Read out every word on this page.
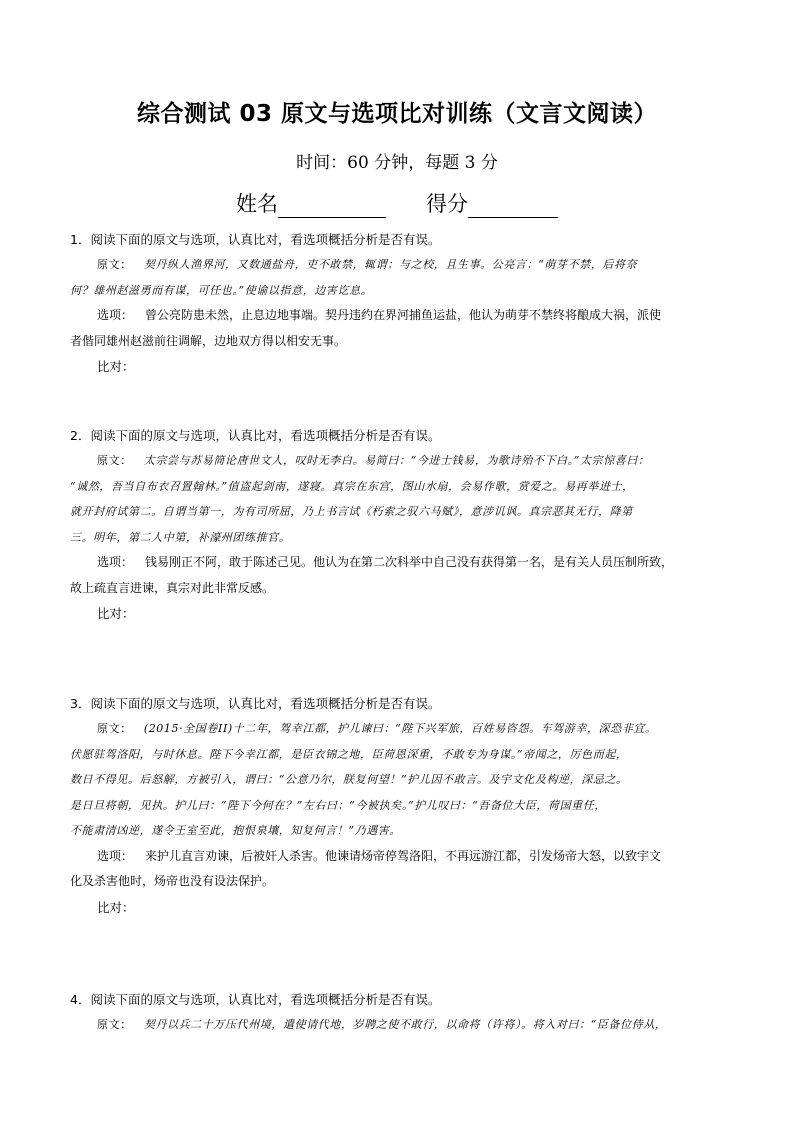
综合测试 03 原文与选项比对训练（文言文阅读）
时间：60 分钟，每题 3 分
姓名	得分
1．阅读下面的原文与选项，认真比对，看选项概括分析是否有误。
原文： 契丹纵人渔界河，又数通盐舟，吏不敢禁，辄谓：与之校，且生事。公亮言：“萌芽不禁，后将奈
何？雄州赵滋勇而有谋，可任也。”使谕以指意，边害讫息。
选项： 曾公亮防患未然，止息边地事端。契丹违约在界河捕鱼运盐，他认为萌芽不禁终将酿成大祸，派使
者偕同雄州赵滋前往调解，边地双方得以相安无事。
比对：
2．阅读下面的原文与选项，认真比对，看选项概括分析是否有误。
原文： 太宗尝与苏易简论唐世文人，叹时无李白。易简曰：“今进士钱易，为歌诗殆不下白。”太宗惊喜曰：
“诚然，吾当自布衣召置翰林。”值盗起剑南，遂寝。真宗在东宫，图山水扇，会易作歌，赏爱之。易再举进士，
就开封府试第二。自谓当第一，为有司所屈，乃上书言试《朽索之驭六马赋》，意涉讥讽。真宗恶其无行，降第
三。明年，第二人中第，补濠州团练推官。
选项： 钱易刚正不阿，敢于陈述己见。他认为在第二次科举中自己没有获得第一名，是有关人员压制所致，
故上疏直言进谏，真宗对此非常反感。
比对：
3．阅读下面的原文与选项，认真比对，看选项概括分析是否有误。
原文： (2015·全国卷II)十二年，驾幸江都，护儿谏曰：“陛下兴军旅，百姓易咨怨。车驾游幸，深恐非宜。
伏愿驻驾洛阳，与时休息。陛下今幸江都，是臣衣锦之地，臣荷恩深重，不敢专为身谋。”帝闻之，厉色而起，
数日不得见。后怒解，方被引入，谓曰：“公意乃尔，朕复何望！”护儿因不敢言。及宇文化及构逆，深忌之。
是日旦将朝，见执。护儿曰：“陛下今何在？”左右曰：“今被执矣。”护儿叹曰：“吾备位大臣，荷国重任，
不能肃清凶逆，遂令王室至此，抱恨泉壤，知复何言！”乃遇害。
选项： 来护儿直言劝谏，后被奸人杀害。他谏请炀帝停驾洛阳，不再远游江都，引发炀帝大怒，以致宇文
化及杀害他时，炀帝也没有设法保护。
比对：
4．阅读下面的原文与选项，认真比对，看选项概括分析是否有误。
原文： 契丹以兵二十万压代州境，遣使请代地，岁聘之使不敢行，以命将（许将）。将入对曰：“臣备位侍从，
